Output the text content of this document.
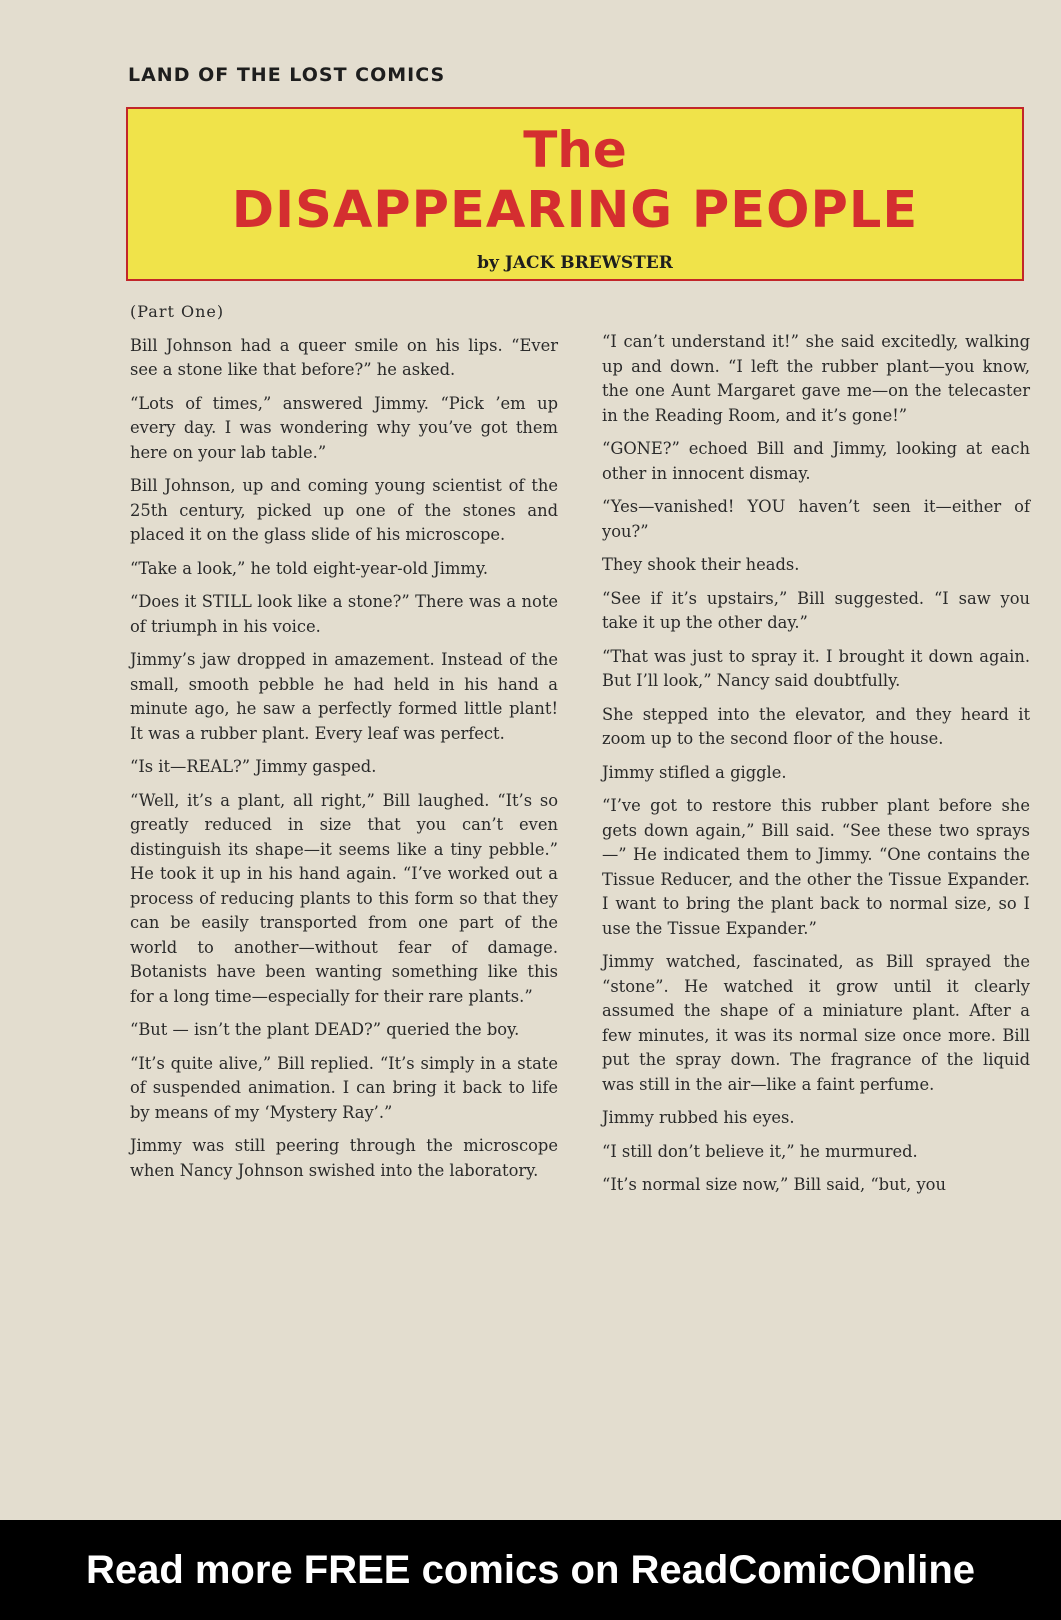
LAND OF THE LOST COMICS
The
DISAPPEARING PEOPLE
by JACK BREWSTER

(Part One)

Bill Johnson had a queer smile on his lips. “Ever see a stone like that before?” he asked.

“Lots of times,” answered Jimmy. “Pick ’em up every day. I was wondering why you’ve got them here on your lab table.”

Bill Johnson, up and coming young scientist of the 25th century, picked up one of the stones and placed it on the glass slide of his microscope.

“Take a look,” he told eight-year-old Jimmy.

“Does it STILL look like a stone?” There was a note of triumph in his voice.

Jimmy’s jaw dropped in amazement. Instead of the small, smooth pebble he had held in his hand a minute ago, he saw a perfectly formed little plant! It was a rubber plant. Every leaf was perfect.

“Is it—REAL?” Jimmy gasped.

“Well, it’s a plant, all right,” Bill laughed. “It’s so greatly reduced in size that you can’t even distinguish its shape—it seems like a tiny pebble.” He took it up in his hand again. “I’ve worked out a process of reducing plants to this form so that they can be easily transported from one part of the world to another—without fear of damage. Botanists have been wanting something like this for a long time—especially for their rare plants.”

“But — isn’t the plant DEAD?” queried the boy.

“It’s quite alive,” Bill replied. “It’s simply in a state of suspended animation. I can bring it back to life by means of my ‘Mystery Ray’.”

Jimmy was still peering through the microscope when Nancy Johnson swished into the laboratory.

“I can’t understand it!” she said excitedly, walking up and down. “I left the rubber plant—you know, the one Aunt Margaret gave me—on the telecaster in the Reading Room, and it’s gone!”

“GONE?” echoed Bill and Jimmy, looking at each other in innocent dismay.

“Yes—vanished! YOU haven’t seen it—either of you?”

They shook their heads.

“See if it’s upstairs,” Bill suggested. “I saw you take it up the other day.”

“That was just to spray it. I brought it down again. But I’ll look,” Nancy said doubtfully.

She stepped into the elevator, and they heard it zoom up to the second floor of the house.

Jimmy stifled a giggle.

“I’ve got to restore this rubber plant before she gets down again,” Bill said. “See these two sprays—” He indicated them to Jimmy. “One contains the Tissue Reducer, and the other the Tissue Expander. I want to bring the plant back to normal size, so I use the Tissue Expander.”

Jimmy watched, fascinated, as Bill sprayed the “stone”. He watched it grow until it clearly assumed the shape of a miniature plant. After a few minutes, it was its normal size once more. Bill put the spray down. The fragrance of the liquid was still in the air—like a faint perfume.

Jimmy rubbed his eyes.

“I still don’t believe it,” he murmured.

“It’s normal size now,” Bill said, “but, you

Read more FREE comics on ReadComicOnline
